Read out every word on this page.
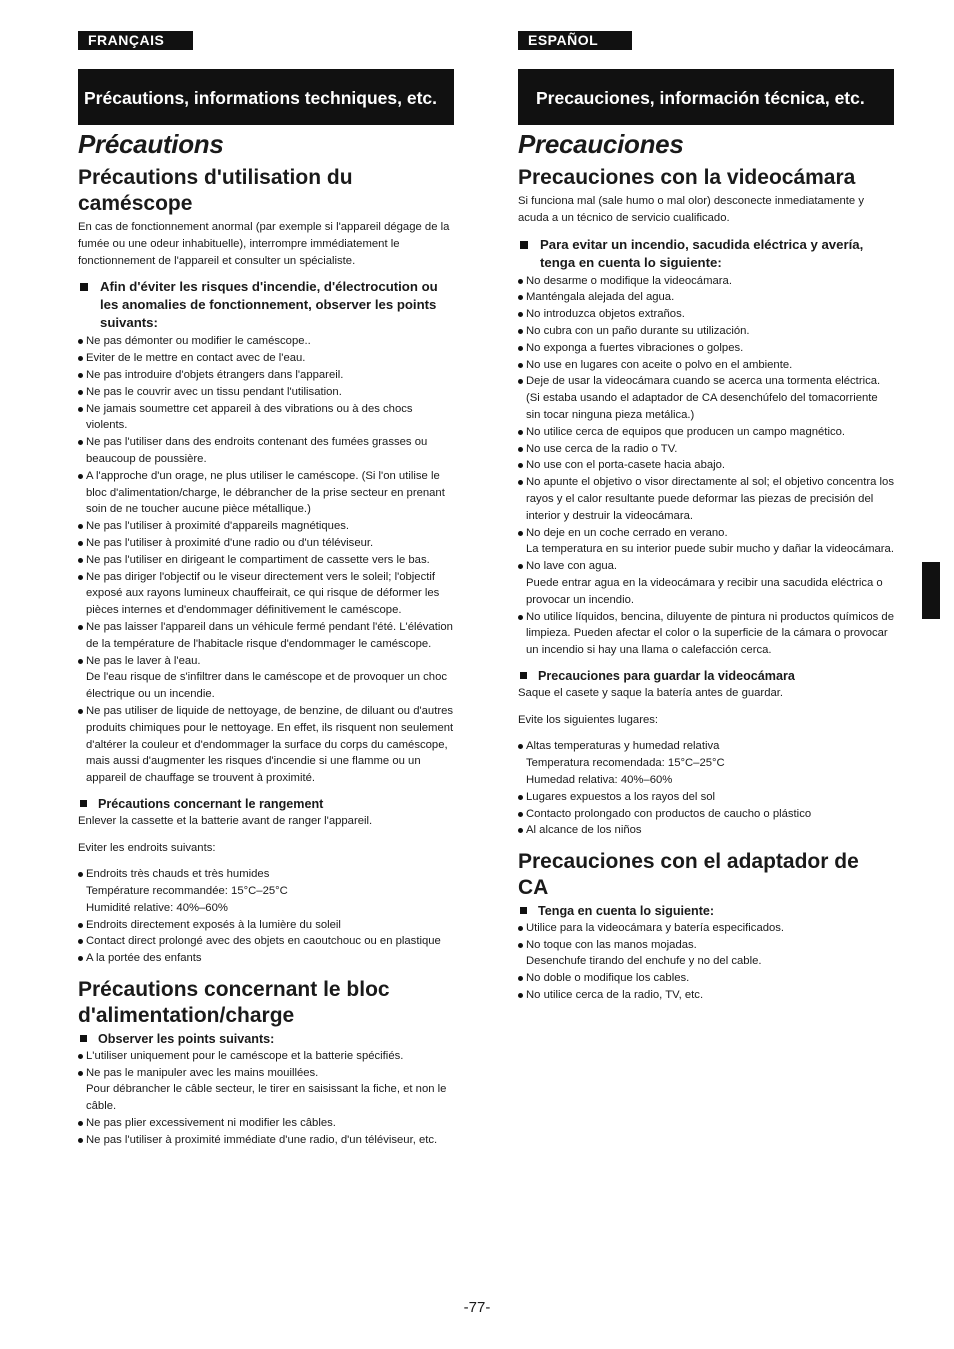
FRANÇAIS	ESPAÑOL
Précautions, informations techniques, etc.	Precauciones, información técnica, etc.
Précautions
Précautions d'utilisation du caméscope

En cas de fonctionnement anormal (par exemple si l'appareil dégage de la fumée ou une odeur inhabituelle), interrompre immédiatement le fonctionnement de l'appareil et consulter un spécialiste.

Afin d'éviter les risques d'incendie, d'électrocution ou les anomalies de fonctionnement, observer les points suivants:
Ne pas démonter ou modifier le caméscope..
Eviter de le mettre en contact avec de l'eau.
Ne pas introduire d'objets étrangers dans l'appareil.
Ne pas le couvrir avec un tissu pendant l'utilisation.
Ne jamais soumettre cet appareil à des vibrations ou à des chocs violents.
Ne pas l'utiliser dans des endroits contenant des fumées grasses ou beaucoup de poussière.
A l'approche d'un orage, ne plus utiliser le caméscope. (Si l'on utilise le bloc d'alimentation/charge, le débrancher de la prise secteur en prenant soin de ne toucher aucune pièce métallique.)
Ne pas l'utiliser à proximité d'appareils magnétiques.
Ne pas l'utiliser à proximité d'une radio ou d'un téléviseur.
Ne pas l'utiliser en dirigeant le compartiment de cassette vers le bas.
Ne pas diriger l'objectif ou le viseur directement vers le soleil; l'objectif exposé aux rayons lumineux chauffeirait, ce qui risque de déformer les pièces internes et d'endommager définitivement le caméscope.
Ne pas laisser l'appareil dans un véhicule fermé pendant l'été. L'élévation de la température de l'habitacle risque d'endommager le caméscope.
Ne pas le laver à l'eau.
De l'eau risque de s'infiltrer dans le caméscope et de provoquer un choc électrique ou un incendie.
Ne pas utiliser de liquide de nettoyage, de benzine, de diluant ou d'autres produits chimiques pour le nettoyage. En effet, ils risquent non seulement d'altérer la couleur et d'endommager la surface du corps du caméscope, mais aussi d'augmenter les risques d'incendie si une flamme ou un appareil de chauffage se trouvent à proximité.
Précautions concernant le rangement

Enlever la cassette et la batterie avant de ranger l'appareil.

Eviter les endroits suivants:

Endroits très chauds et très humides
Température recommandée: 15°C–25°C
Humidité relative: 40%–60%
Endroits directement exposés à la lumière du soleil
Contact direct prolongé avec des objets en caoutchouc ou en plastique
A la portée des enfants
Précautions concernant le bloc d'alimentation/charge
Observer les points suivants:
L'utiliser uniquement pour le caméscope et la batterie spécifiés.
Ne pas le manipuler avec les mains mouillées.
Pour débrancher le câble secteur, le tirer en saisissant la fiche, et non le câble.
Ne pas plier excessivement ni modifier les câbles.
Ne pas l'utiliser à proximité immédiate d'une radio, d'un téléviseur, etc.
Precauciones
Precauciones con la videocámara

Si funciona mal (sale humo o mal olor) desconecte inmediatamente y acuda a un técnico de servicio cualificado.

Para evitar un incendio, sacudida eléctrica y avería, tenga en cuenta lo siguiente:
No desarme o modifique la videocámara.
Manténgala alejada del agua.
No introduzca objetos extraños.
No cubra con un paño durante su utilización.
No exponga a fuertes vibraciones o golpes.
No use en lugares con aceite o polvo en el ambiente.
Deje de usar la videocámara cuando se acerca una tormenta eléctrica. (Si estaba usando el adaptador de CA desenchúfelo del tomacorriente sin tocar ninguna pieza metálica.)
No utilice cerca de equipos que producen un campo magnético.
No use cerca de la radio o TV.
No use con el porta-casete hacia abajo.
No apunte el objetivo o visor directamente al sol; el objetivo concentra los rayos y el calor resultante puede deformar las piezas de precisión del interior y destruir la videocámara.
No deje en un coche cerrado en verano.
La temperatura en su interior puede subir mucho y dañar la videocámara.
No lave con agua.
Puede entrar agua en la videocámara y recibir una sacudida eléctrica o provocar un incendio.
No utilice líquidos, bencina, diluyente de pintura ni productos químicos de limpieza. Pueden afectar el color o la superficie de la cámara o provocar un incendio si hay una llama o calefacción cerca.
Precauciones para guardar la videocámara

Saque el casete y saque la batería antes de guardar.

Evite los siguientes lugares:

Altas temperaturas y humedad relativa
Temperatura recomendada: 15°C–25°C
Humedad relativa: 40%–60%
Lugares expuestos a los rayos del sol
Contacto prolongado con productos de caucho o plástico
Al alcance de los niños
Precauciones con el adaptador de CA
Tenga en cuenta lo siguiente:
Utilice para la videocámara y batería especificados.
No toque con las manos mojadas.
Desenchufe tirando del enchufe y no del cable.
No doble o modifique los cables.
No utilice cerca de la radio, TV, etc.
-77-
